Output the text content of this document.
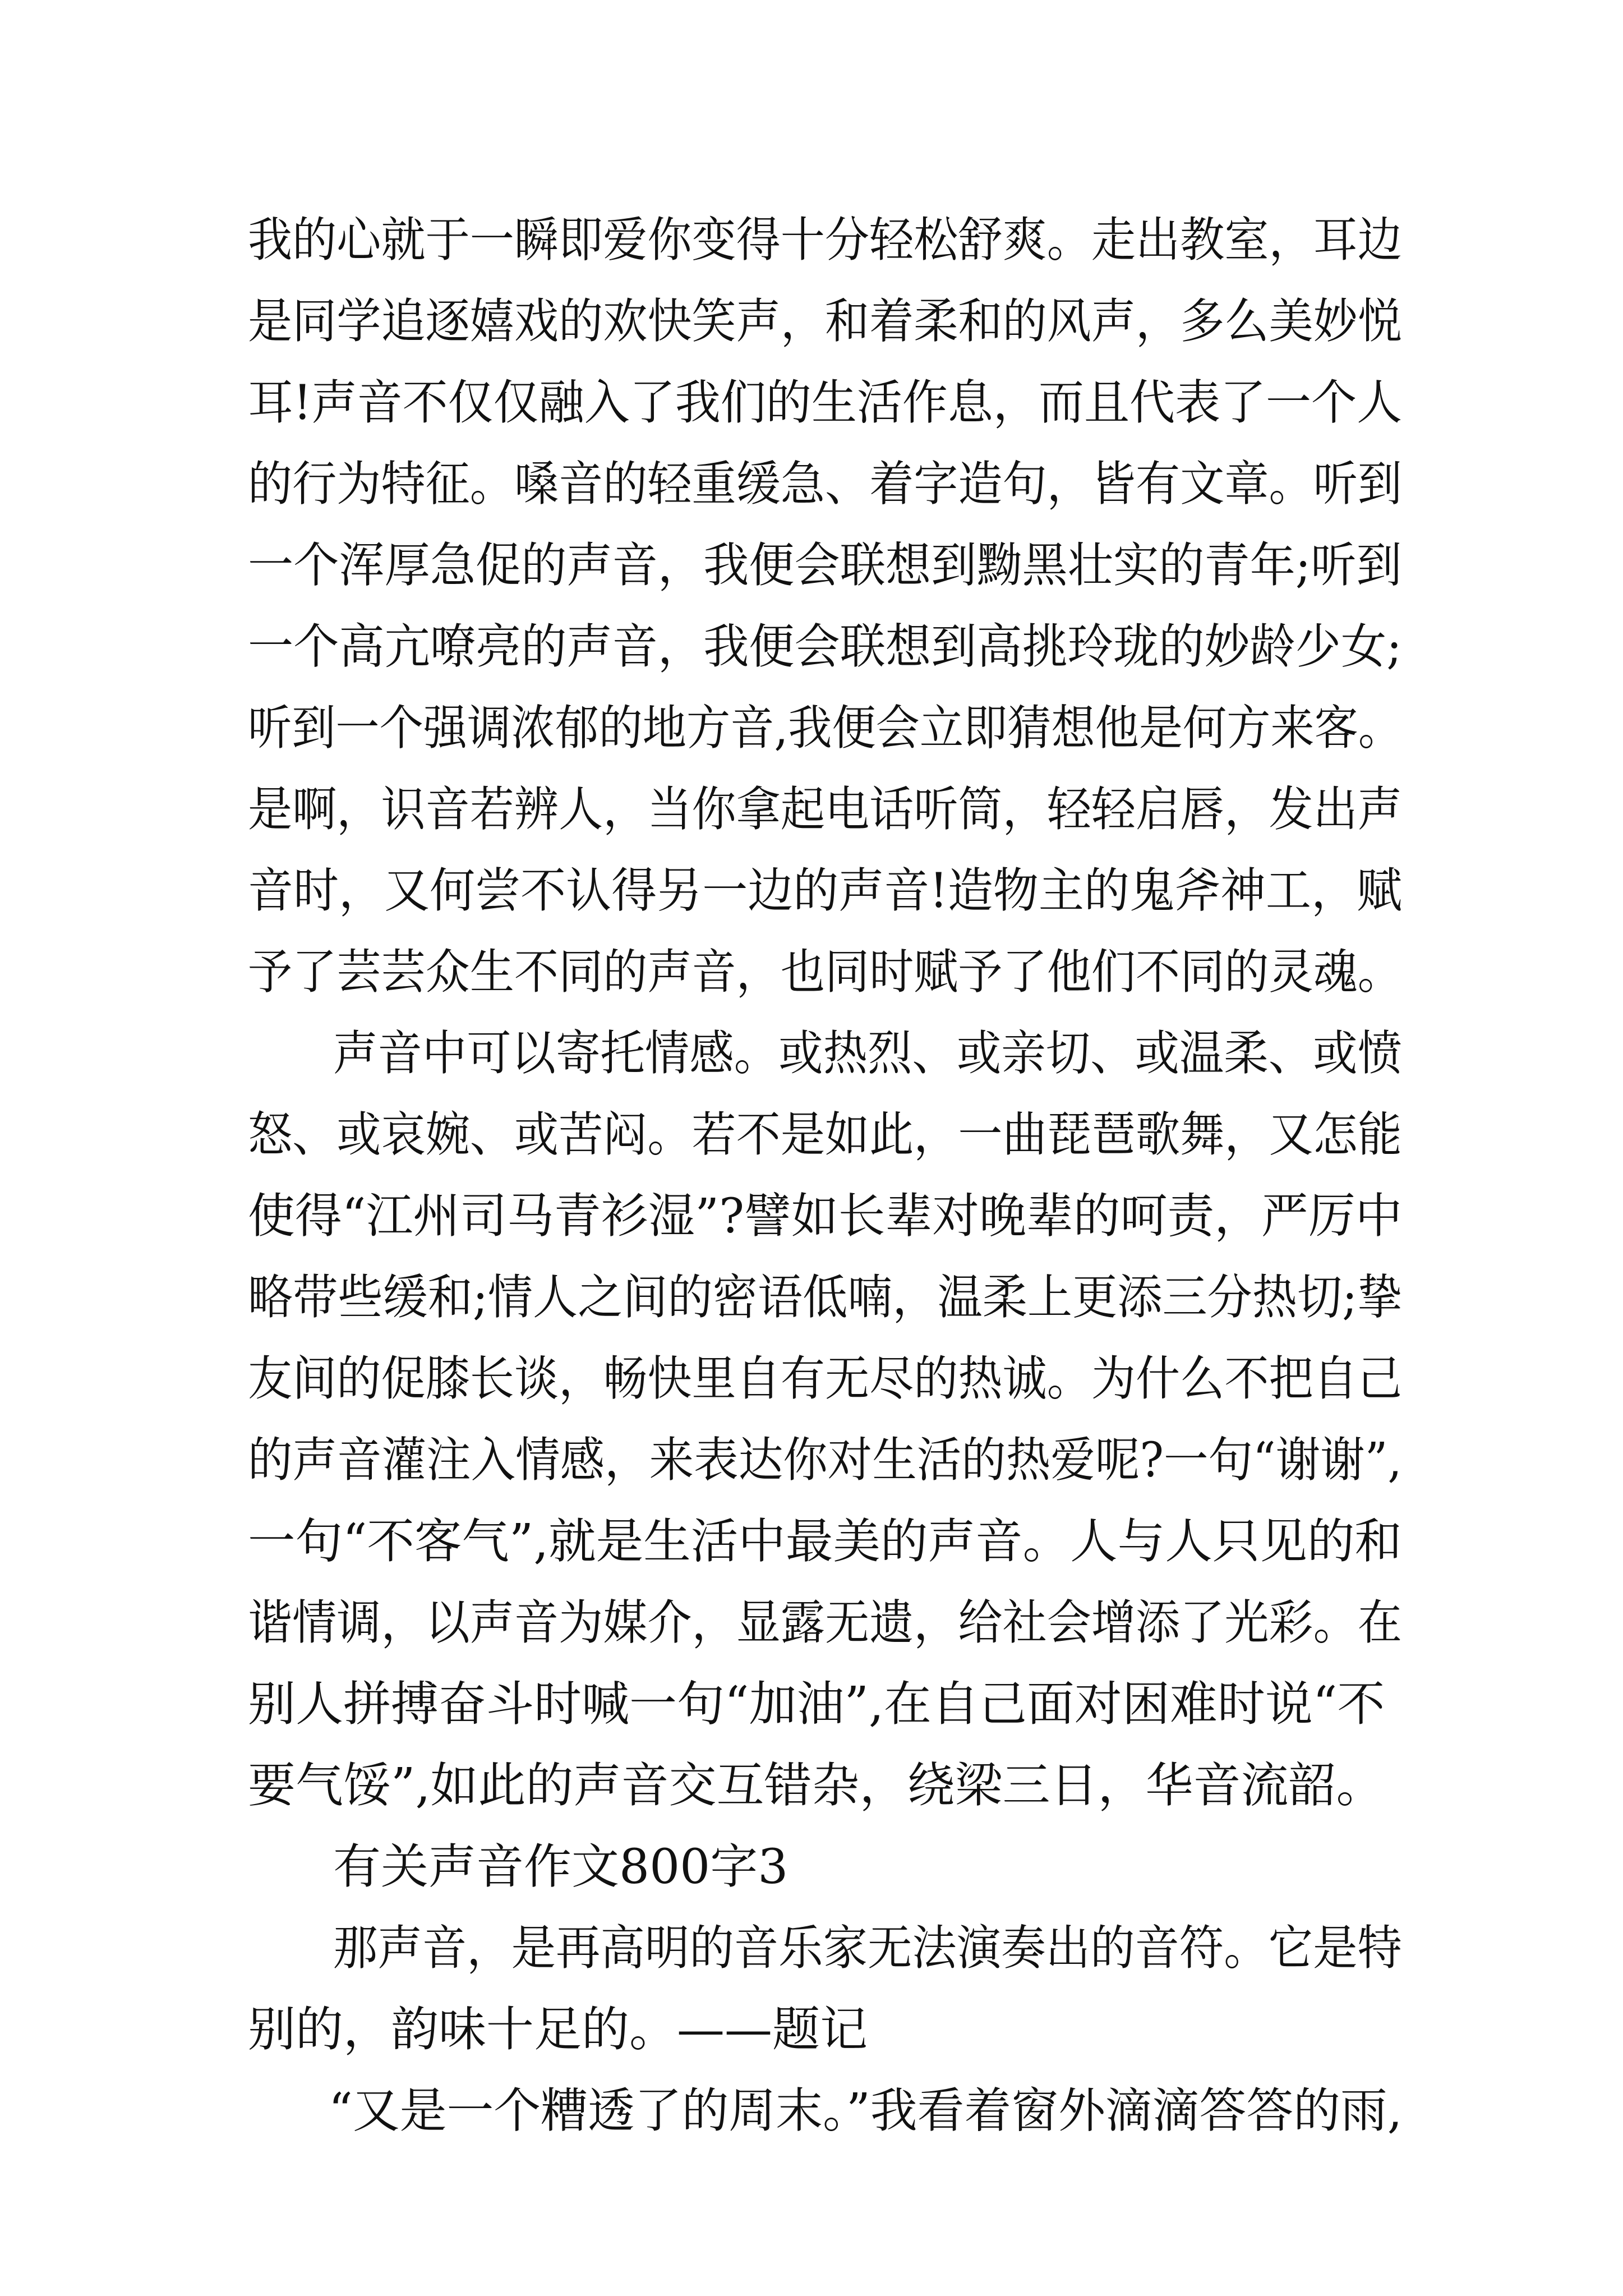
我的心就于一瞬即爱你变得十分轻松舒爽。走出教室，耳边
是同学追逐嬉戏的欢快笑声，和着柔和的风声，多么美妙悦
耳!声音不仅仅融入了我们的生活作息，而且代表了一个人
的行为特征。嗓音的轻重缓急、着字造句，皆有文章。听到
一个浑厚急促的声音，我便会联想到黝黑壮实的青年;听到
一个高亢嘹亮的声音，我便会联想到高挑玲珑的妙龄少女;
听到一个强调浓郁的地方音,我便会立即猜想他是何方来客。
是啊，识音若辨人，当你拿起电话听筒，轻轻启唇，发出声
音时，又何尝不认得另一边的声音!造物主的鬼斧神工，赋
予了芸芸众生不同的声音，也同时赋予了他们不同的灵魂。
声音中可以寄托情感。或热烈、或亲切、或温柔、或愤
怒、或哀婉、或苦闷。若不是如此，一曲琵琶歌舞，又怎能
使得“江州司马青衫湿”?譬如长辈对晚辈的呵责，严厉中
略带些缓和;情人之间的密语低喃，温柔上更添三分热切;挚
友间的促膝长谈，畅快里自有无尽的热诚。为什么不把自己
的声音灌注入情感，来表达你对生活的热爱呢?一句“谢谢”,
一句“不客气”,就是生活中最美的声音。人与人只见的和
谐情调，以声音为媒介，显露无遗，给社会增添了光彩。在
别人拼搏奋斗时喊一句“加油”,在自己面对困难时说“不
要气馁”,如此的声音交互错杂，绕梁三日，华音流韶。
有关声音作文800字3
那声音，是再高明的音乐家无法演奏出的音符。它是特
别的，韵味十足的。——题记
“又是一个糟透了的周末。”我看着窗外滴滴答答的雨,
